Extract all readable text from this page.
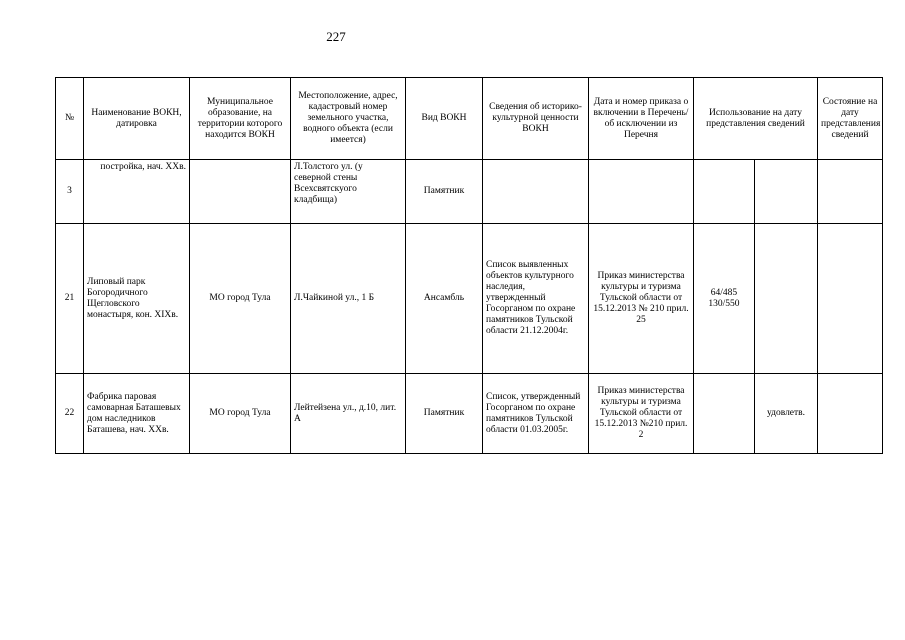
227
№	Наименование ВОКН, датировка	Муниципальное образование, на территории которого находится ВОКН	Местоположение, адрес, кадастровый номер земельного участка, водного объекта (если имеется)	Вид ВОКН	Сведения об историко-культурной ценности ВОКН	Дата и номер приказа о включении в Перечень/ об исключении из Перечня	Использование на дату представления сведений		Состояние на дату представления сведений
3	постройка, нач. ХХв.		Л.Толстого ул. (у северной стены Всехсвятскуого кладбища)	Памятник					
21	Липовый парк Богородичного Щегловского монастыря, кон. XIXв.	МО город Тула	Л.Чайкиной ул., 1 Б	Ансамбль	Список выявленных объектов культурного наследия, утвержденный Госорганом по охране памятников Тульской области 21.12.2004г.	Приказ министерства культуры и туризма Тульской области от 15.12.2013 № 210 прил. 25	64/485 130/550		
22	Фабрика паровая самоварная Баташевых дом наследников Баташева, нач. ХХв.	МО город Тула	Лейтейзена ул., д.10, лит. А	Памятник	Список, утвержденный Госорганом по охране памятников Тульской области 01.03.2005г.	Приказ министерства культуры и туризма Тульской области от 15.12.2013 №210 прил. 2		удовлетв.	
